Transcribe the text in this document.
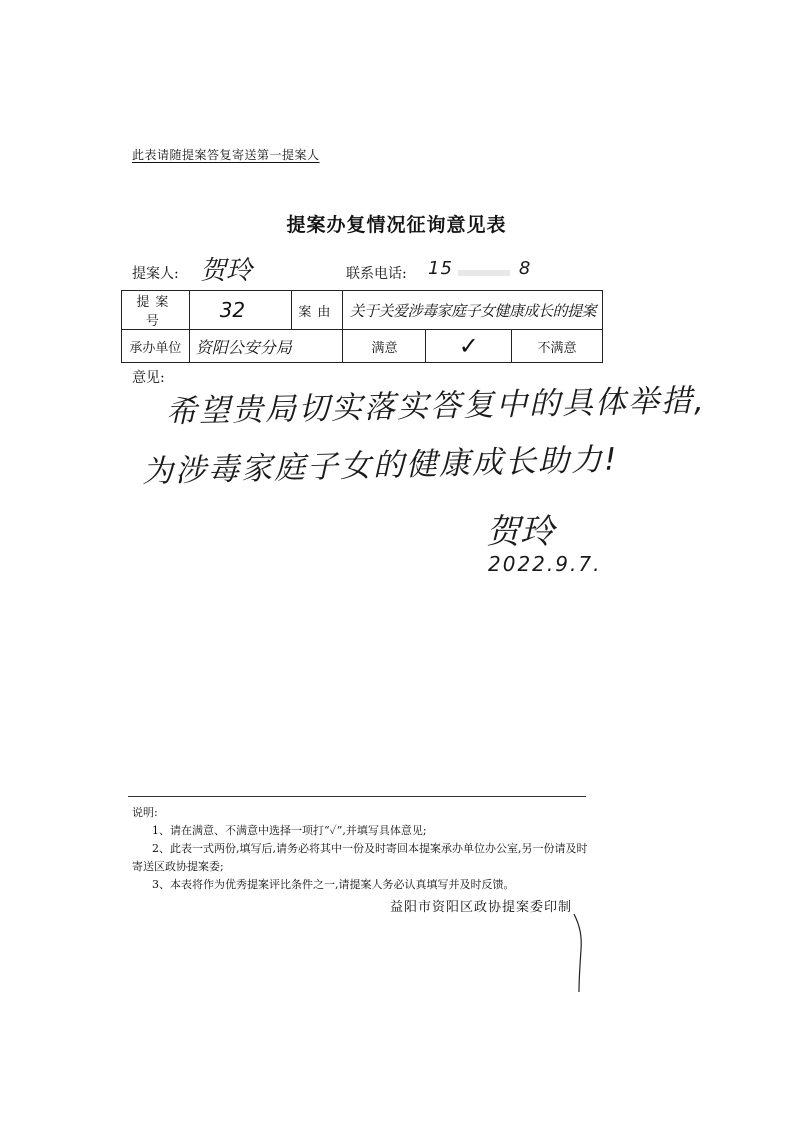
此表请随提案答复寄送第一提案人
提案办复情况征询意见表
提案人: 贺玲	联系电话: 15	8
提案号	32	案由	关于关爱涉毒家庭子女健康成长的提案		
承办单位	资阳公安分局		满意	✓	不满意
意见:
希望贵局切实落实答复中的具体举措,
为涉毒家庭子女的健康成长助力!
贺玲
2022.9.7.

说明:

1、请在满意、不满意中选择一项打“✓”,并填写具体意见;

2、此表一式两份,填写后,请务必将其中一份及时寄回本提案承办单位办公室,另一份请及时寄送区政协提案委;

3、本表将作为优秀提案评比条件之一,请提案人务必认真填写并及时反馈。

益阳市资阳区政协提案委印制
